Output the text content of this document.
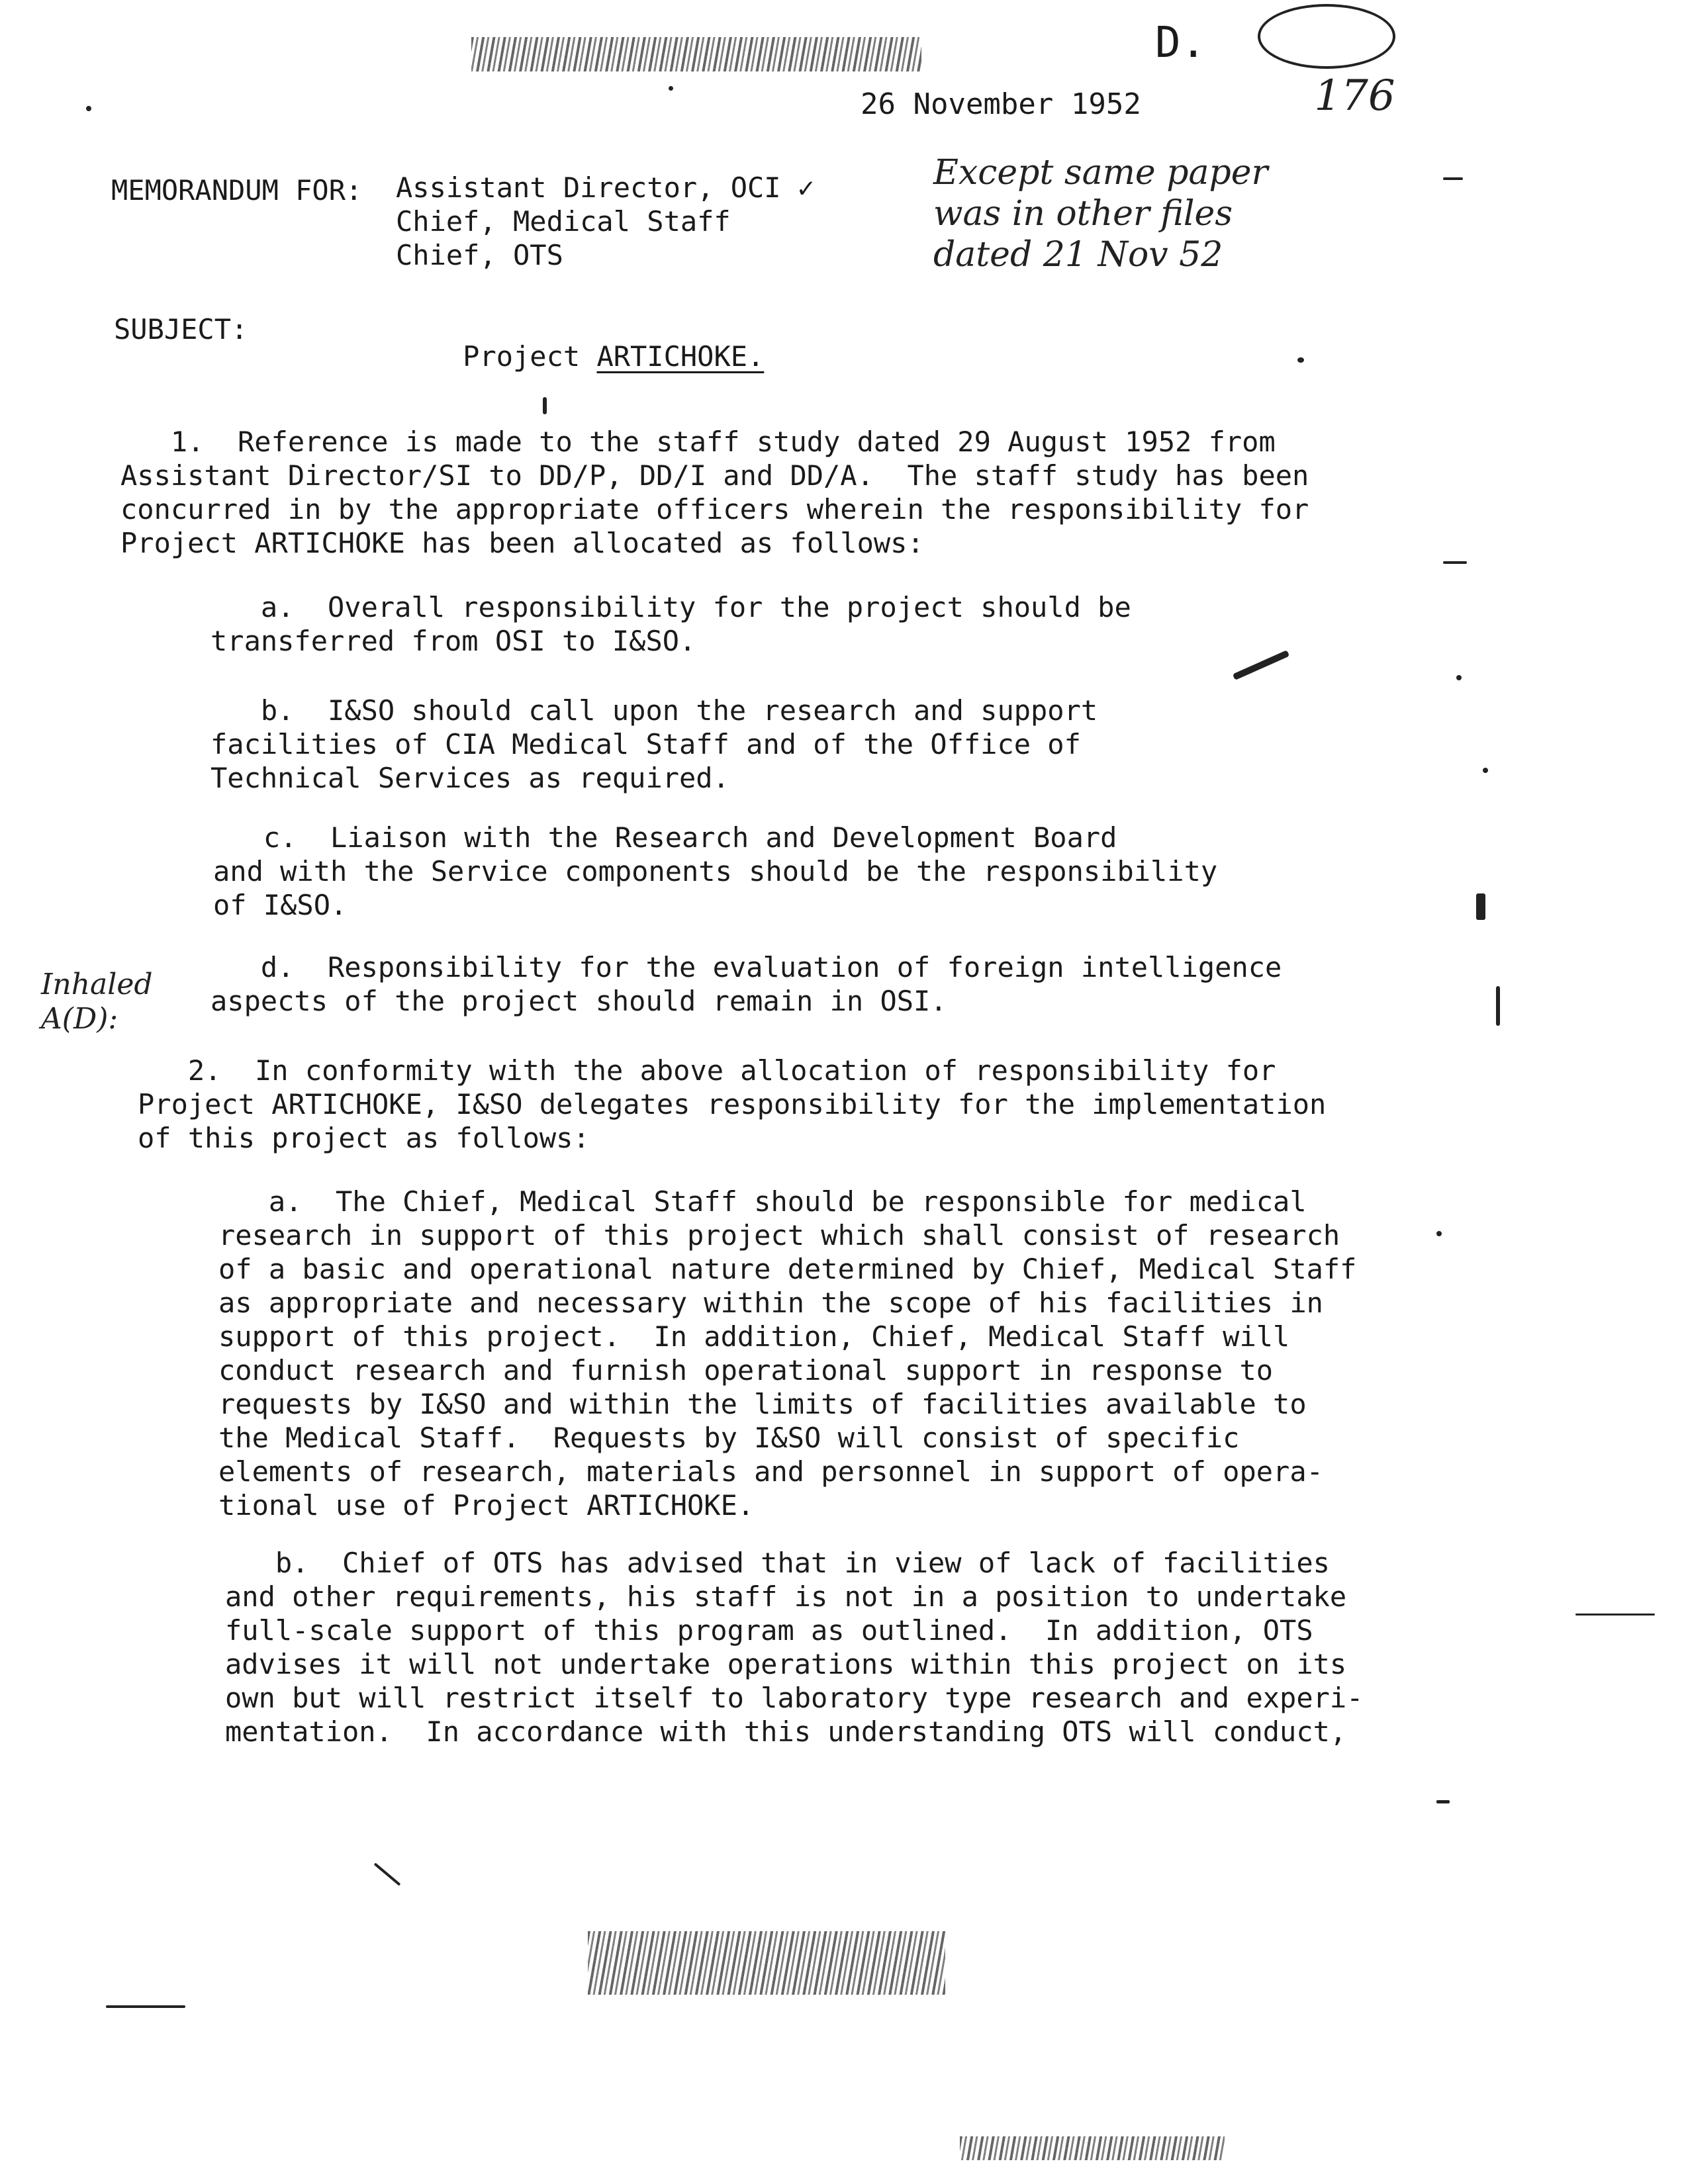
D.

176

26 November 1952
MEMORANDUM FOR: Assistant Director, OCI ✓
Chief, Medical Staff
Chief, OTS
Except same paper
was in other files
dated 21 Nov 52
SUBJECT:

Project ARTICHOKE.

1.  Reference is made to the staff study dated 29 August 1952 from
Assistant Director/SI to DD/P, DD/I and DD/A.  The staff study has been
concurred in by the appropriate officers wherein the responsibility for
Project ARTICHOKE has been allocated as follows:
a.  Overall responsibility for the project should be
transferred from OSI to I&SO.
b.  I&SO should call upon the research and support
facilities of CIA Medical Staff and of the Office of
Technical Services as required.
c.  Liaison with the Research and Development Board
and with the Service components should be the responsibility
of I&SO.
Inhaled
A(D):
d.  Responsibility for the evaluation of foreign intelligence
aspects of the project should remain in OSI.
2.  In conformity with the above allocation of responsibility for
Project ARTICHOKE, I&SO delegates responsibility for the implementation
of this project as follows:
a.  The Chief, Medical Staff should be responsible for medical
research in support of this project which shall consist of research
of a basic and operational nature determined by Chief, Medical Staff
as appropriate and necessary within the scope of his facilities in
support of this project.  In addition, Chief, Medical Staff will
conduct research and furnish operational support in response to
requests by I&SO and within the limits of facilities available to
the Medical Staff.  Requests by I&SO will consist of specific
elements of research, materials and personnel in support of opera-
tional use of Project ARTICHOKE.
b.  Chief of OTS has advised that in view of lack of facilities
and other requirements, his staff is not in a position to undertake
full-scale support of this program as outlined.  In addition, OTS
advises it will not undertake operations within this project on its
own but will restrict itself to laboratory type research and experi-
mentation.  In accordance with this understanding OTS will conduct,
